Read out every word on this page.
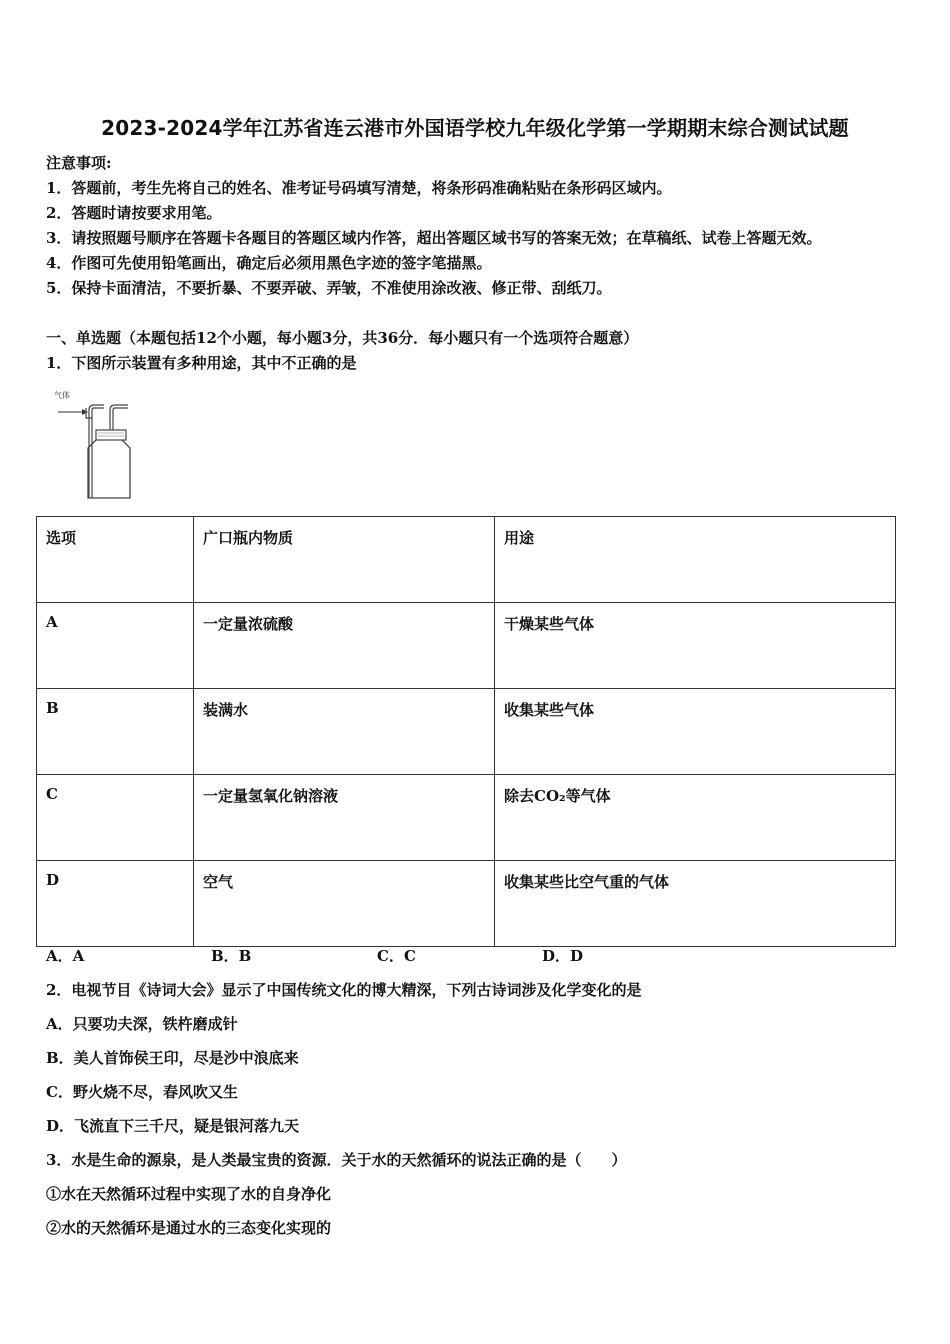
2023-2024学年江苏省连云港市外国语学校九年级化学第一学期期末综合测试试题
注意事项:
1．答题前，考生先将自己的姓名、准考证号码填写清楚，将条形码准确粘贴在条形码区域内。
2．答题时请按要求用笔。
3．请按照题号顺序在答题卡各题目的答题区域内作答，超出答题区域书写的答案无效；在草稿纸、试卷上答题无效。
4．作图可先使用铅笔画出，确定后必须用黑色字迹的签字笔描黑。
5．保持卡面清洁，不要折暴、不要弄破、弄皱，不准使用涂改液、修正带、刮纸刀。
一、单选题（本题包括12个小题，每小题3分，共36分．每小题只有一个选项符合题意）
1．下图所示装置有多种用途，其中不正确的是
气体
选项	广口瓶内物质	用途
A	一定量浓硫酸	干燥某些气体
B	装满水	收集某些气体
C	一定量氢氧化钠溶液	除去CO₂等气体
D	空气	收集某些比空气重的气体
A．A	B．B	C．C	D．D
2．电视节目《诗词大会》显示了中国传统文化的博大精深，下列古诗词涉及化学变化的是
A．只要功夫深，铁杵磨成针
B．美人首饰侯王印，尽是沙中浪底来
C．野火烧不尽，春风吹又生
D．飞流直下三千尺，疑是银河落九天
3．水是生命的源泉，是人类最宝贵的资源．关于水的天然循环的说法正确的是（　　）
①水在天然循环过程中实现了水的自身净化
②水的天然循环是通过水的三态变化实现的
